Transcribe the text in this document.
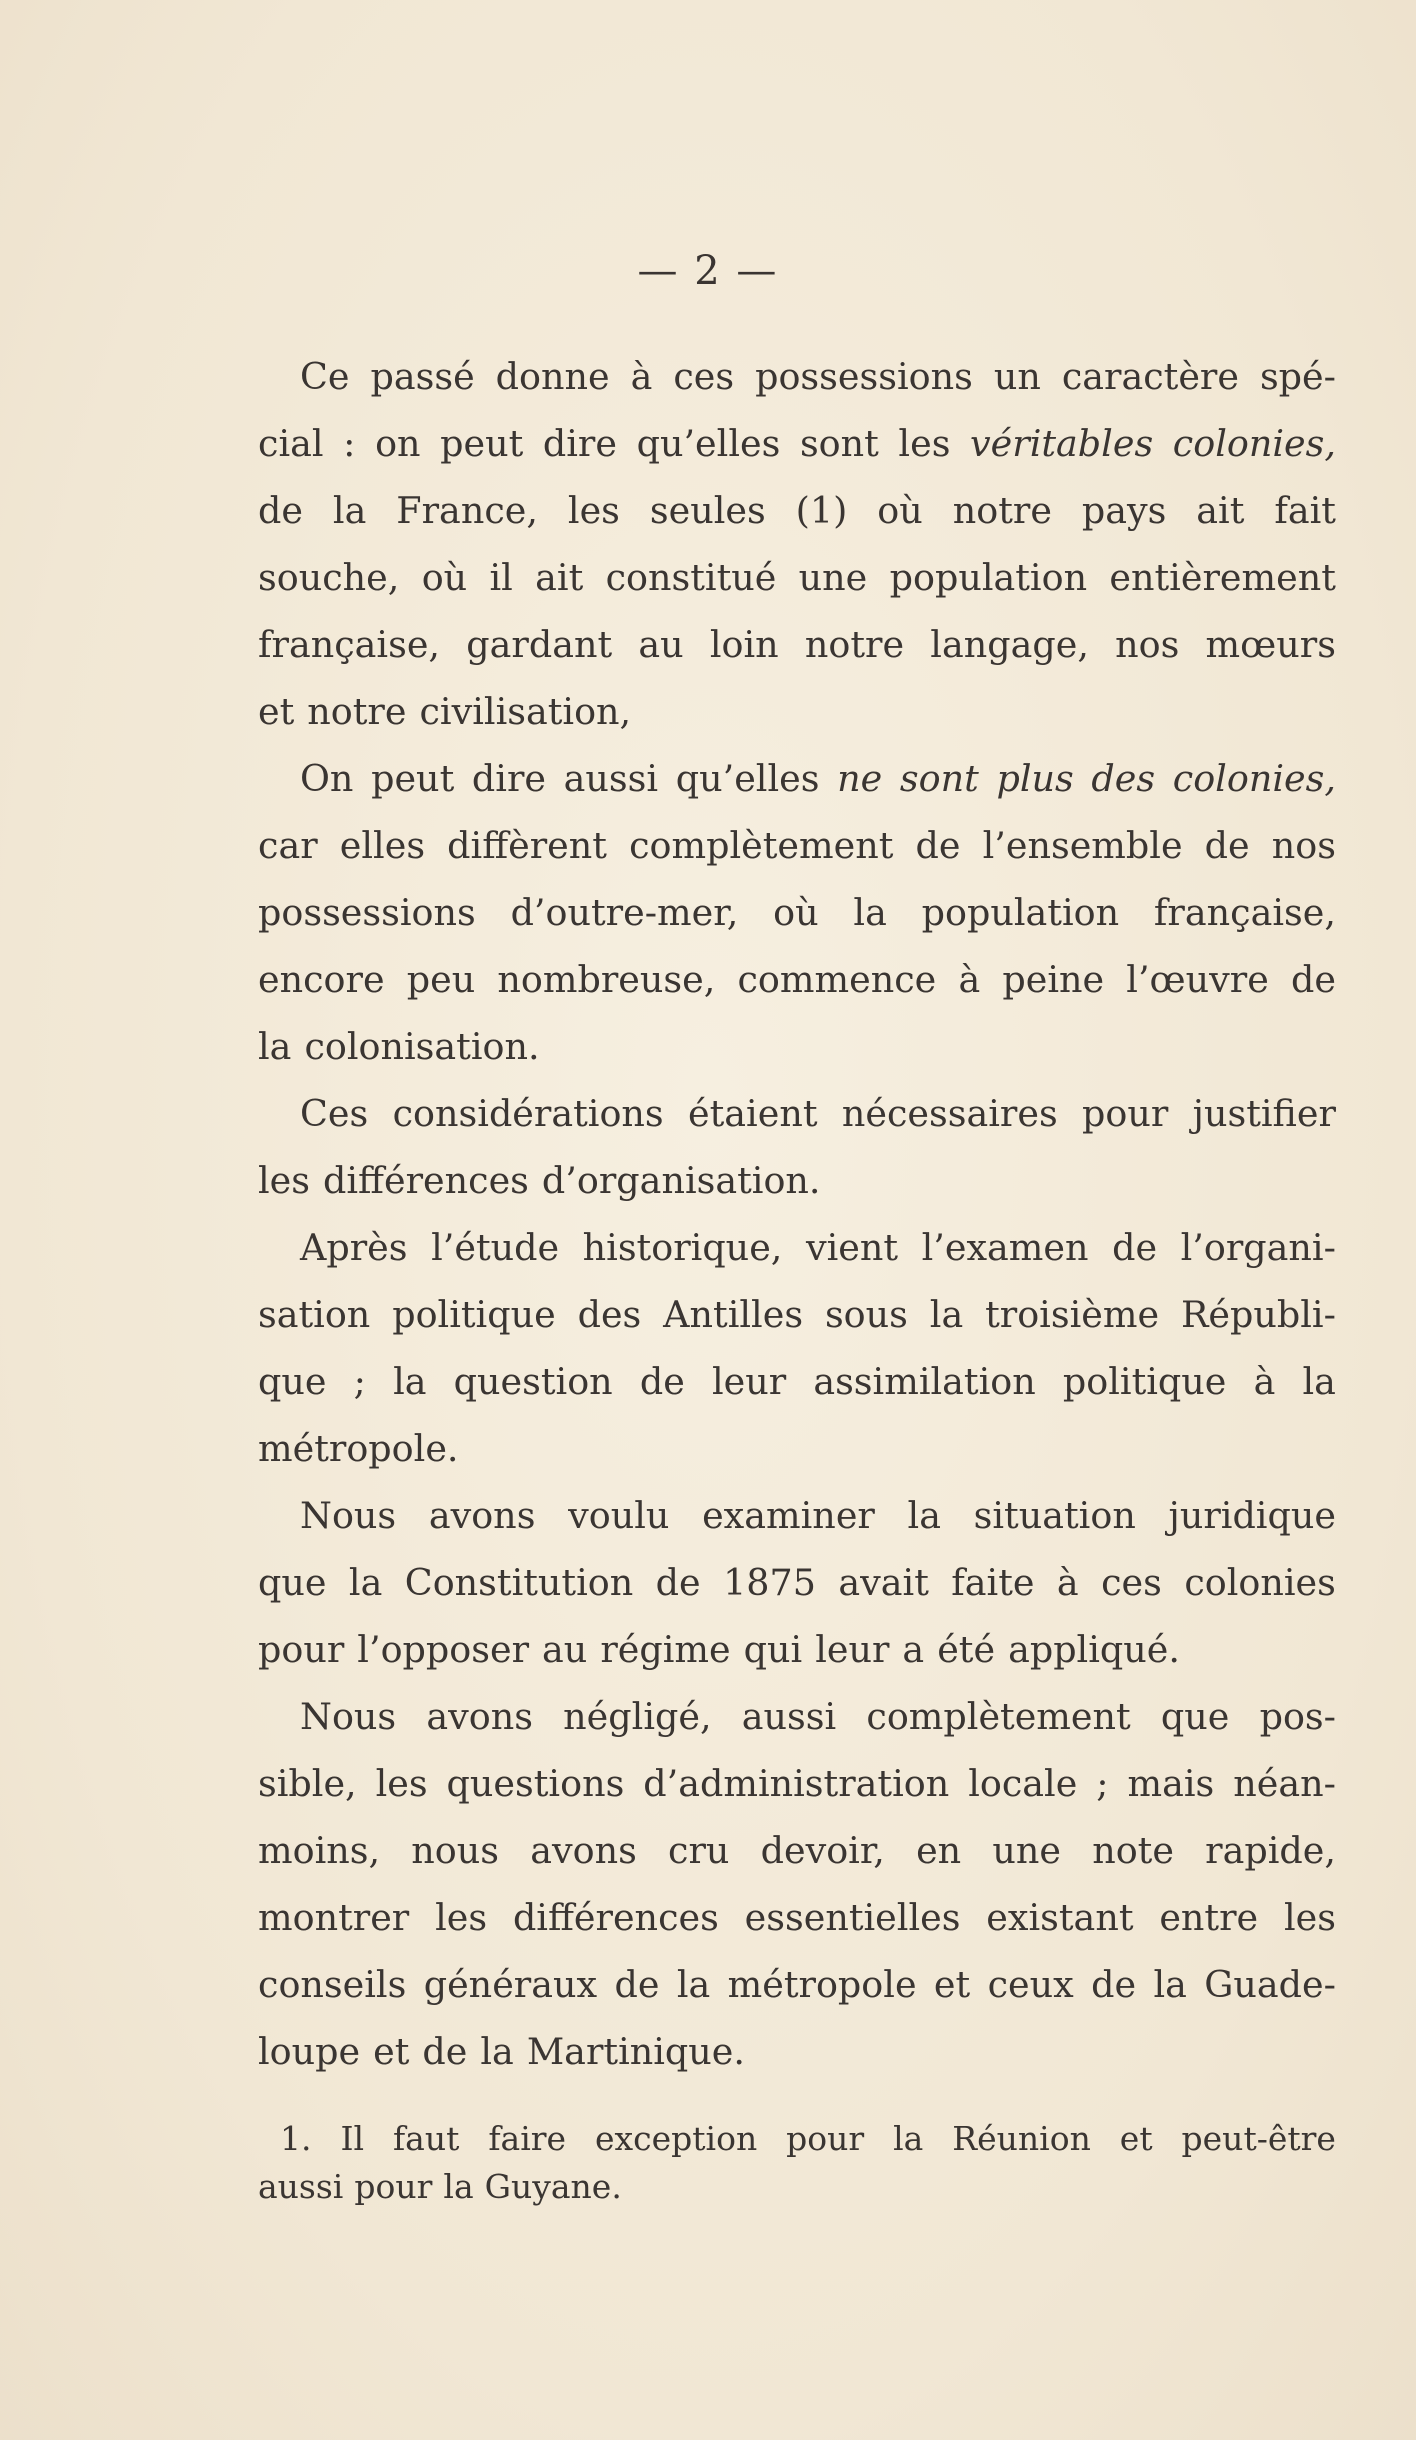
— 2 —
Ce passé donne à ces possessions un caractère spé-
cial : on peut dire qu’elles sont les véritables colonies,
de la France, les seules (1) où notre pays ait fait
souche, où il ait constitué une population entièrement
française, gardant au loin notre langage, nos mœurs
et notre civilisation,
On peut dire aussi qu’elles ne sont plus des colonies,
car elles diffèrent complètement de l’ensemble de nos
possessions d’outre-mer, où la population française,
encore peu nombreuse, commence à peine l’œuvre de
la colonisation.
Ces considérations étaient nécessaires pour justifier
les différences d’organisation.
Après l’étude historique, vient l’examen de l’organi-
sation politique des Antilles sous la troisième Républi-
que ; la question de leur assimilation politique à la
métropole.
Nous avons voulu examiner la situation juridique
que la Constitution de 1875 avait faite à ces colonies
pour l’opposer au régime qui leur a été appliqué.
Nous avons négligé, aussi complètement que pos-
sible, les questions d’administration locale ; mais néan-
moins, nous avons cru devoir, en une note rapide,
montrer les différences essentielles existant entre les
conseils généraux de la métropole et ceux de la Guade-
loupe et de la Martinique.
1. Il faut faire exception pour la Réunion et peut-être
aussi pour la Guyane.
